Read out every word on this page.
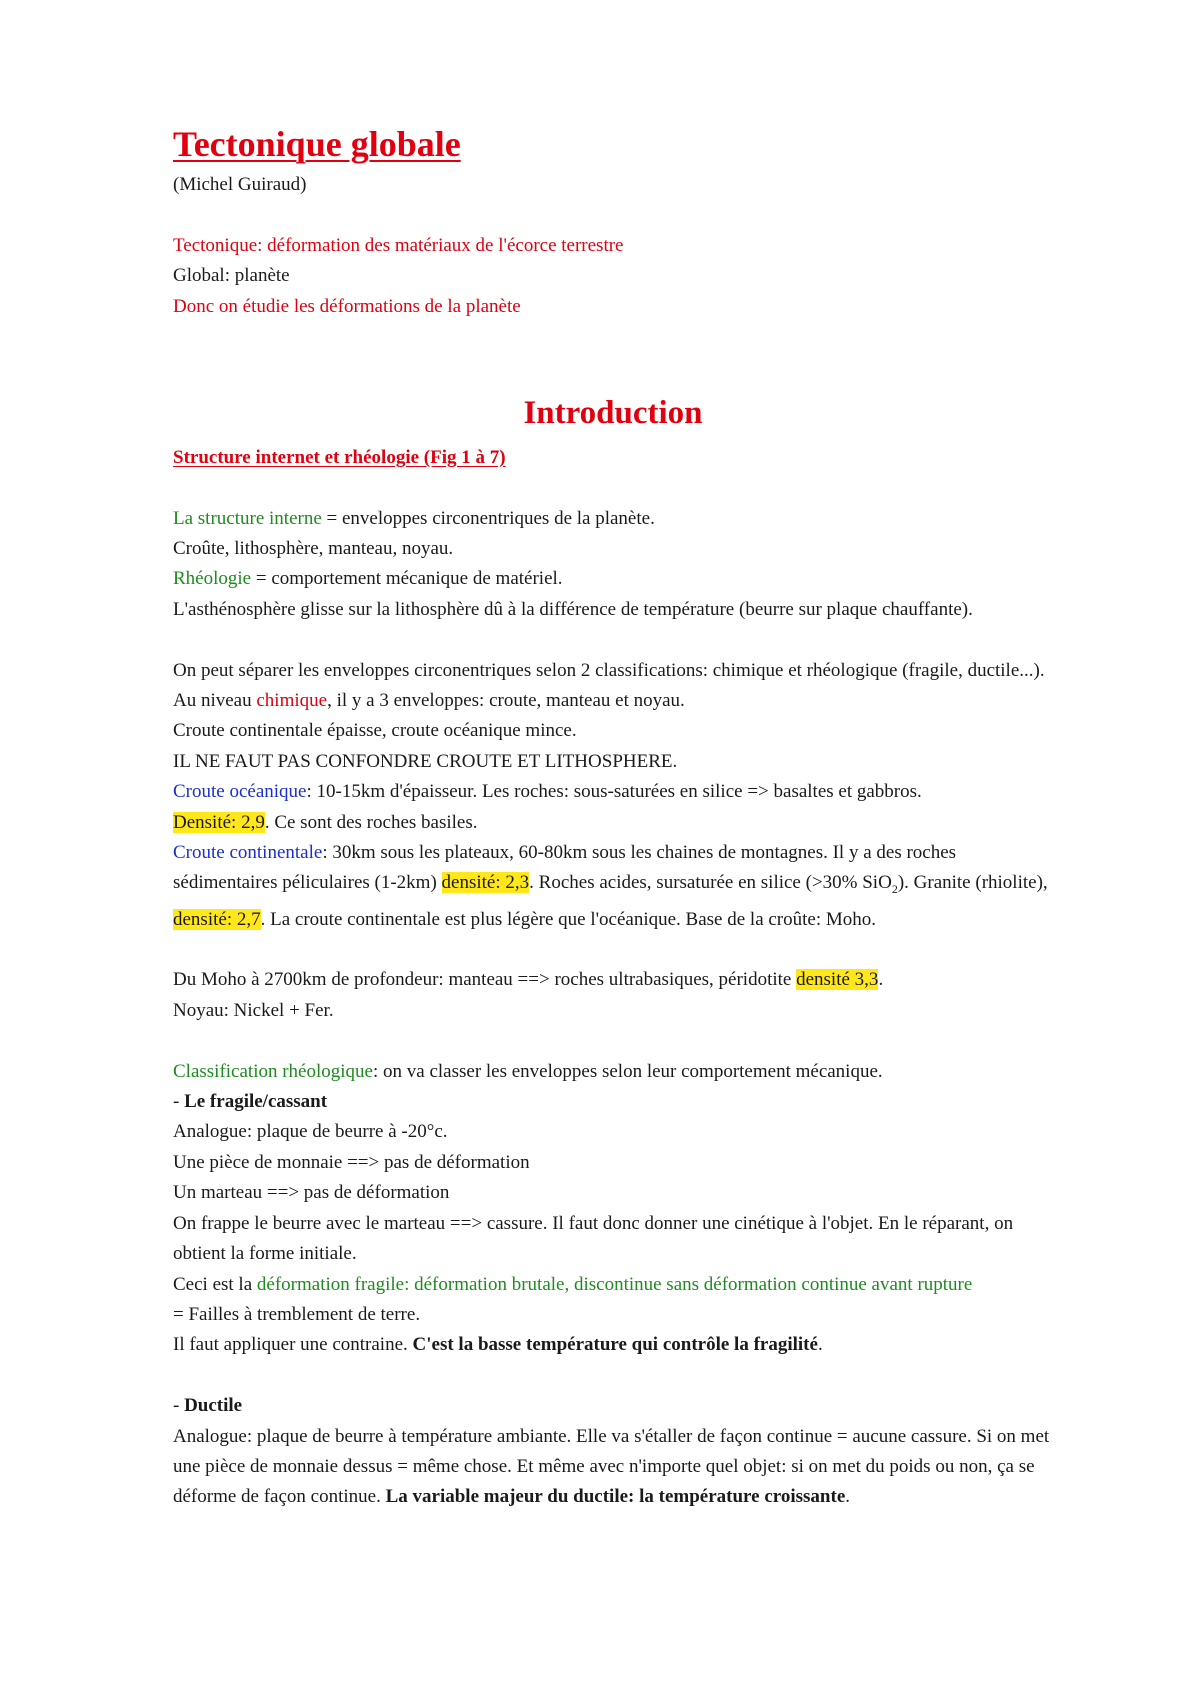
Tectonique globale

(Michel Guiraud)

Tectonique: déformation des matériaux de l'écorce terrestre

Global: planète

Donc on étudie les déformations de la planète

Introduction

Structure internet et rhéologie (Fig 1 à 7)

La structure interne = enveloppes circonentriques de la planète.

Croûte, lithosphère, manteau, noyau.

Rhéologie = comportement mécanique de matériel.

L'asthénosphère glisse sur la lithosphère dû à la différence de température (beurre sur plaque chauffante).

On peut séparer les enveloppes circonentriques selon 2 classifications: chimique et rhéologique (fragile, ductile...).

Au niveau chimique, il y a 3 enveloppes: croute, manteau et noyau.

Croute continentale épaisse, croute océanique mince.

IL NE FAUT PAS CONFONDRE CROUTE ET LITHOSPHERE.

Croute océanique: 10-15km d'épaisseur. Les roches: sous-saturées en silice => basaltes et gabbros.

Densité: 2,9. Ce sont des roches basiles.

Croute continentale: 30km sous les plateaux, 60-80km sous les chaines de montagnes. Il y a des roches sédimentaires péliculaires (1-2km) densité: 2,3. Roches acides, sursaturée en silice (>30% SiO$_2$). Granite (rhiolite), densité: 2,7. La croute continentale est plus légère que l'océanique. Base de la croûte: Moho.

Du Moho à 2700km de profondeur: manteau ==> roches ultrabasiques, péridotite densité 3,3.

Noyau: Nickel + Fer.

Classification rhéologique: on va classer les enveloppes selon leur comportement mécanique.

- Le fragile/cassant

Analogue: plaque de beurre à -20°c.

Une pièce de monnaie ==> pas de déformation

Un marteau ==> pas de déformation

On frappe le beurre avec le marteau ==> cassure. Il faut donc donner une cinétique à l'objet. En le réparant, on obtient la forme initiale.

Ceci est la déformation fragile: déformation brutale, discontinue sans déformation continue avant rupture

= Failles à tremblement de terre.

Il faut appliquer une contraine. C'est la basse température qui contrôle la fragilité.

- Ductile

Analogue: plaque de beurre à température ambiante. Elle va s'étaller de façon continue = aucune cassure. Si on met une pièce de monnaie dessus = même chose. Et même avec n'importe quel objet: si on met du poids ou non, ça se déforme de façon continue. La variable majeur du ductile: la température croissante.
